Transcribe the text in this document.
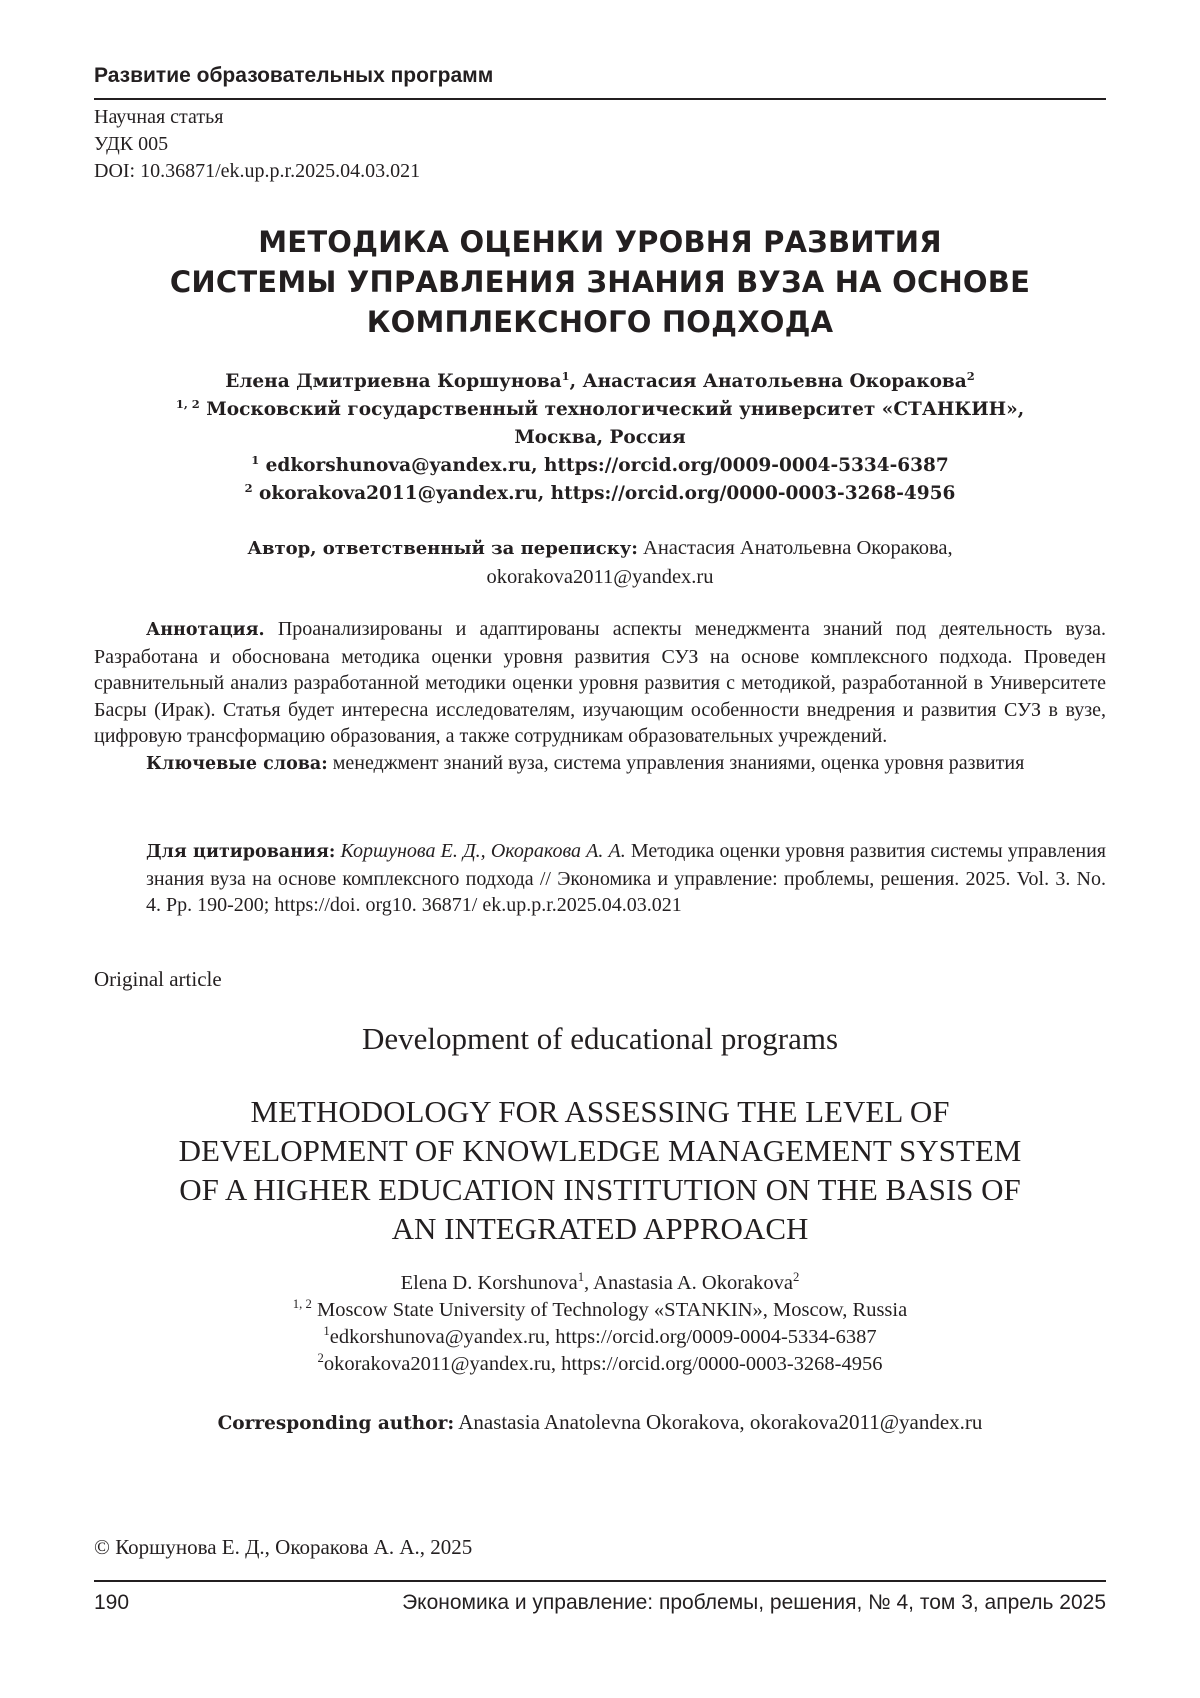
Развитие образовательных программ
Научная статья
УДК 005
DOI: 10.36871/ek.up.p.r.2025.04.03.021
МЕТОДИКА ОЦЕНКИ УРОВНЯ РАЗВИТИЯ
СИСТЕМЫ УПРАВЛЕНИЯ ЗНАНИЯ ВУЗА НА ОСНОВЕ
КОМПЛЕКСНОГО ПОДХОДА
Елена Дмитриевна Коршунова$^1$, Анастасия Анатольевна Окоракова$^2$
$^{1, 2}$ Московский государственный технологический университет «СТАНКИН»,
Москва, Россия
$^1$ edkorshunova@yandex.ru, https://orcid.org/0009-0004-5334-6387
$^2$ okorakova2011@yandex.ru, https://orcid.org/0000-0003-3268-4956
Автор, ответственный за переписку: Анастасия Анатольевна Окоракова,
okorakova2011@yandex.ru

Аннотация. Проанализированы и адаптированы аспекты менеджмента знаний под деятельность вуза. Разработана и обоснована методика оценки уровня развития СУЗ на основе комплексного подхода. Проведен сравнительный анализ разработанной методики оценки уровня развития с методикой, разработанной в Университете Басры (Ирак). Статья будет интересна исследователям, изучающим особенности внедрения и развития СУЗ в вузе, цифровую трансформацию образования, а также сотрудникам образовательных учреждений.

Ключевые слова: менеджмент знаний вуза, система управления знаниями, оценка уровня развития

Для цитирования: Коршунова Е. Д., Окоракова А. А. Методика оценки уровня развития системы управления знания вуза на основе комплексного подхода // Экономика и управление: проблемы, решения. 2025. Vol. 3. No. 4. Pp. 190-200; https://doi. org10. 36871/ ek.up.p.r.2025.04.03.021
Original article
Development of educational programs
METHODOLOGY FOR ASSESSING THE LEVEL OF
DEVELOPMENT OF KNOWLEDGE MANAGEMENT SYSTEM
OF A HIGHER EDUCATION INSTITUTION ON THE BASIS OF
AN INTEGRATED APPROACH
Elena D. Korshunova$^1$, Anastasia A. Okorakova$^2$
$^{1, 2}$ Moscow State University of Technology «STANKIN», Moscow, Russia
$^1$edkorshunova@yandex.ru, https://orcid.org/0009-0004-5334-6387
$^2$okorakova2011@yandex.ru, https://orcid.org/0000-0003-3268-4956
Corresponding author: Anastasia Anatolevna Okorakova, okorakova2011@yandex.ru
© Коршунова Е. Д., Окоракова А. А., 2025
190	Экономика и управление: проблемы, решения, № 4, том 3, апрель 2025
